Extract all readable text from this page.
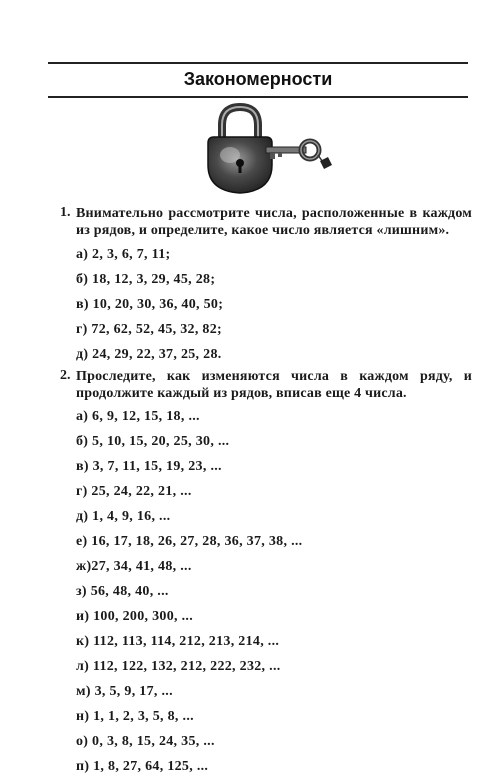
Закономерности
1. Внимательно рассмотрите числа, расположенные в каждом из рядов, и определите, какое число является «лишним».
а) 2, 3, 6, 7, 11;
б) 18, 12, 3, 29, 45, 28;
в) 10, 20, 30, 36, 40, 50;
г) 72, 62, 52, 45, 32, 82;
д) 24, 29, 22, 37, 25, 28.
2. Проследите, как изменяются числа в каждом ряду, и продолжите каждый из рядов, вписав еще 4 числа.
а) 6, 9, 12, 15, 18, ...
б) 5, 10, 15, 20, 25, 30, ...
в) 3, 7, 11, 15, 19, 23, ...
г) 25, 24, 22, 21, ...
д) 1, 4, 9, 16, ...
е) 16, 17, 18, 26, 27, 28, 36, 37, 38, ...
ж)27, 34, 41, 48, ...
з) 56, 48, 40, ...
и) 100, 200, 300, ...
к) 112, 113, 114, 212, 213, 214, ...
л) 112, 122, 132, 212, 222, 232, ...
м) 3, 5, 9, 17, ...
н) 1, 1, 2, 3, 5, 8, ...
о) 0, 3, 8, 15, 24, 35, ...
п) 1, 8, 27, 64, 125, ...
